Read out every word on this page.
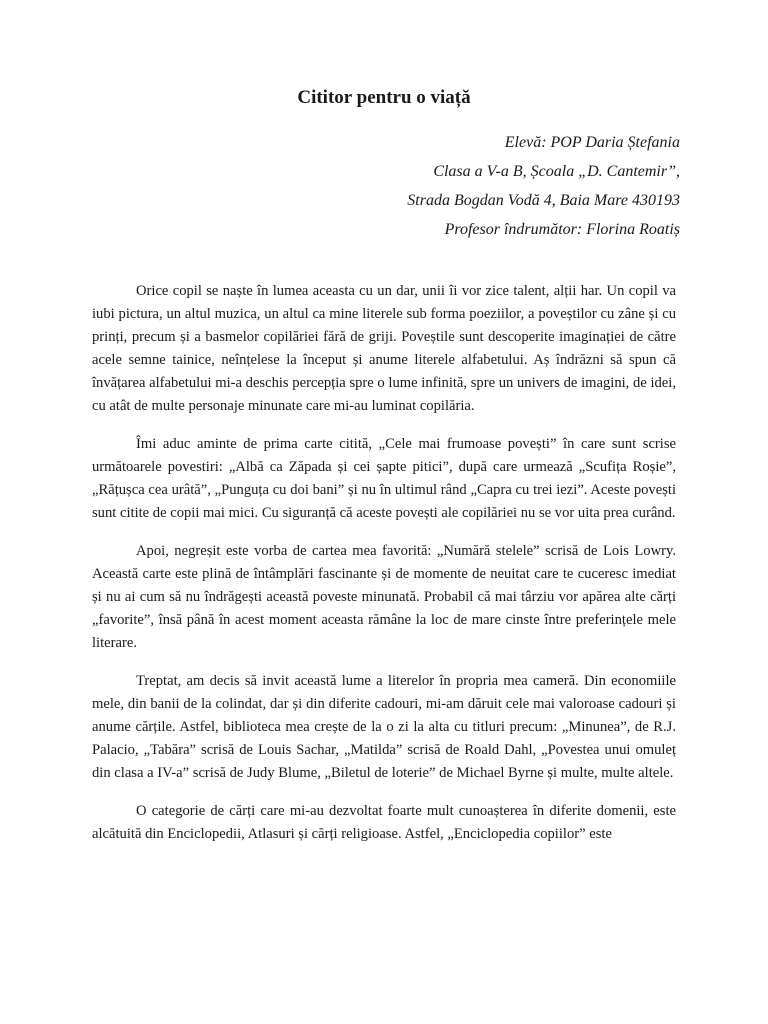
Cititor pentru o viață
Elevă: POP Daria Ștefania
Clasa a V-a B, Școala „D. Cantemir”,
Strada Bogdan Vodă 4, Baia Mare 430193
Profesor îndrumător: Florina Roatiș

Orice copil se naște în lumea aceasta cu un dar, unii îi vor zice talent, alții har. Un copil va iubi pictura, un altul muzica, un altul ca mine literele sub forma poeziilor, a poveștilor cu zâne și cu prinți, precum și a basmelor copilăriei fără de griji. Poveștile sunt descoperite imaginației de către acele semne tainice, neînțelese la început și anume literele alfabetului. Aș îndrăzni să spun că învățarea alfabetului mi-a deschis percepția spre o lume infinită, spre un univers de imagini, de idei, cu atât de multe personaje minunate care mi-au luminat copilăria.

Îmi aduc aminte de prima carte citită, „Cele mai frumoase povești” în care sunt scrise următoarele povestiri: „Albă ca Zăpada și cei șapte pitici”, după care urmează „Scufița Roșie”, „Rățușca cea urâtă”, „Punguța cu doi bani” și nu în ultimul rând „Capra cu trei iezi”. Aceste povești sunt citite de copii mai mici. Cu siguranță că aceste povești ale copilăriei nu se vor uita prea curând.

Apoi, negreșit este vorba de cartea mea favorită: „Numără stelele” scrisă de Lois Lowry. Această carte este plină de întâmplări fascinante și de momente de neuitat care te cuceresc imediat și nu ai cum să nu îndrăgești această poveste minunată. Probabil că mai târziu vor apărea alte cărți „favorite”, însă până în acest moment aceasta rămâne la loc de mare cinste între preferințele mele literare.

Treptat, am decis să invit această lume a literelor în propria mea cameră. Din economiile mele, din banii de la colindat, dar și din diferite cadouri, mi-am dăruit cele mai valoroase cadouri și anume cărțile. Astfel, biblioteca mea crește de la o zi la alta cu titluri precum: „Minunea”, de R.J. Palacio, „Tabăra” scrisă de Louis Sachar, „Matilda” scrisă de Roald Dahl, „Povestea unui omuleț din clasa a IV-a” scrisă de Judy Blume, „Biletul de loterie” de Michael Byrne și multe, multe altele.

O categorie de cărți care mi-au dezvoltat foarte mult cunoașterea în diferite domenii, este alcătuită din Enciclopedii, Atlasuri și cărți religioase. Astfel, „Enciclopedia copiilor” este
